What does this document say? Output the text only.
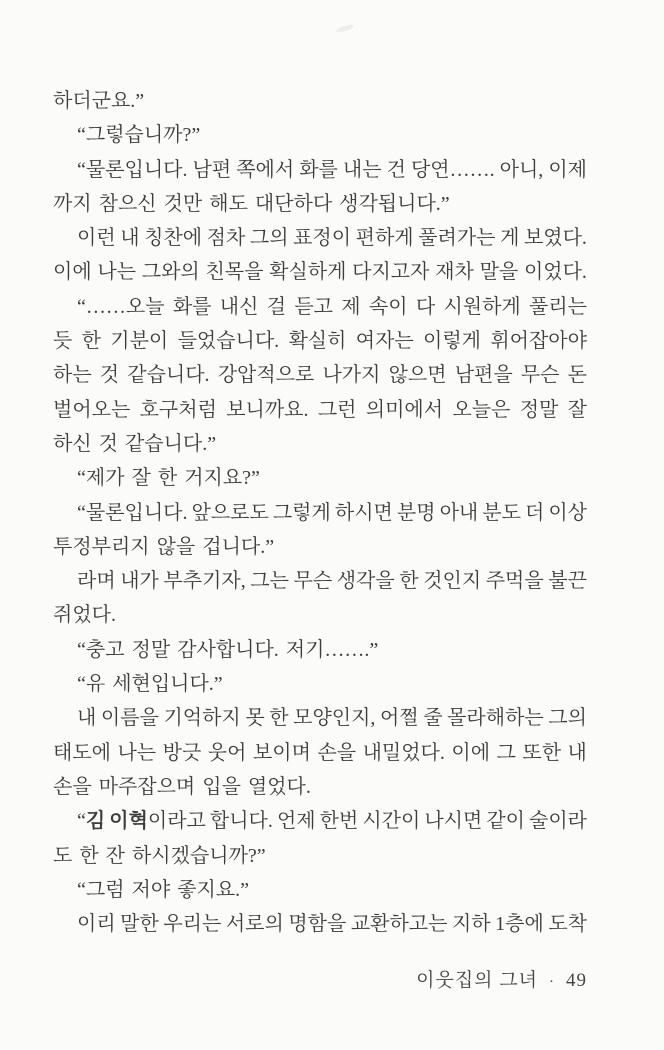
하더군요.”
“그렇습니까?”
“물론입니다. 남편 쪽에서 화를 내는 건 당연……. 아니, 이제
까지 참으신 것만 해도 대단하다 생각됩니다.”
이런 내 칭찬에 점차 그의 표정이 편하게 풀려가는 게 보였다.
이에 나는 그와의 친목을 확실하게 다지고자 재차 말을 이었다.
“……오늘 화를 내신 걸 듣고 제 속이 다 시원하게 풀리는
듯 한 기분이 들었습니다. 확실히 여자는 이렇게 휘어잡아야
하는 것 같습니다. 강압적으로 나가지 않으면 남편을 무슨 돈
벌어오는 호구처럼 보니까요. 그런 의미에서 오늘은 정말 잘
하신 것 같습니다.”
“제가 잘 한 거지요?”
“물론입니다. 앞으로도 그렇게 하시면 분명 아내 분도 더 이상
투정부리지 않을 겁니다.”
라며 내가 부추기자, 그는 무슨 생각을 한 것인지 주먹을 불끈
쥐었다.
“충고 정말 감사합니다. 저기…….”
“유 세현입니다.”
내 이름을 기억하지 못 한 모양인지, 어쩔 줄 몰라해하는 그의
태도에 나는 방긋 웃어 보이며 손을 내밀었다. 이에 그 또한 내
손을 마주잡으며 입을 열었다.
“김 이혁이라고 합니다. 언제 한번 시간이 나시면 같이 술이라
도 한 잔 하시겠습니까?”
“그럼 저야 좋지요.”
이리 말한 우리는 서로의 명함을 교환하고는 지하 1층에 도착
이웃집의 그녀 · 49
